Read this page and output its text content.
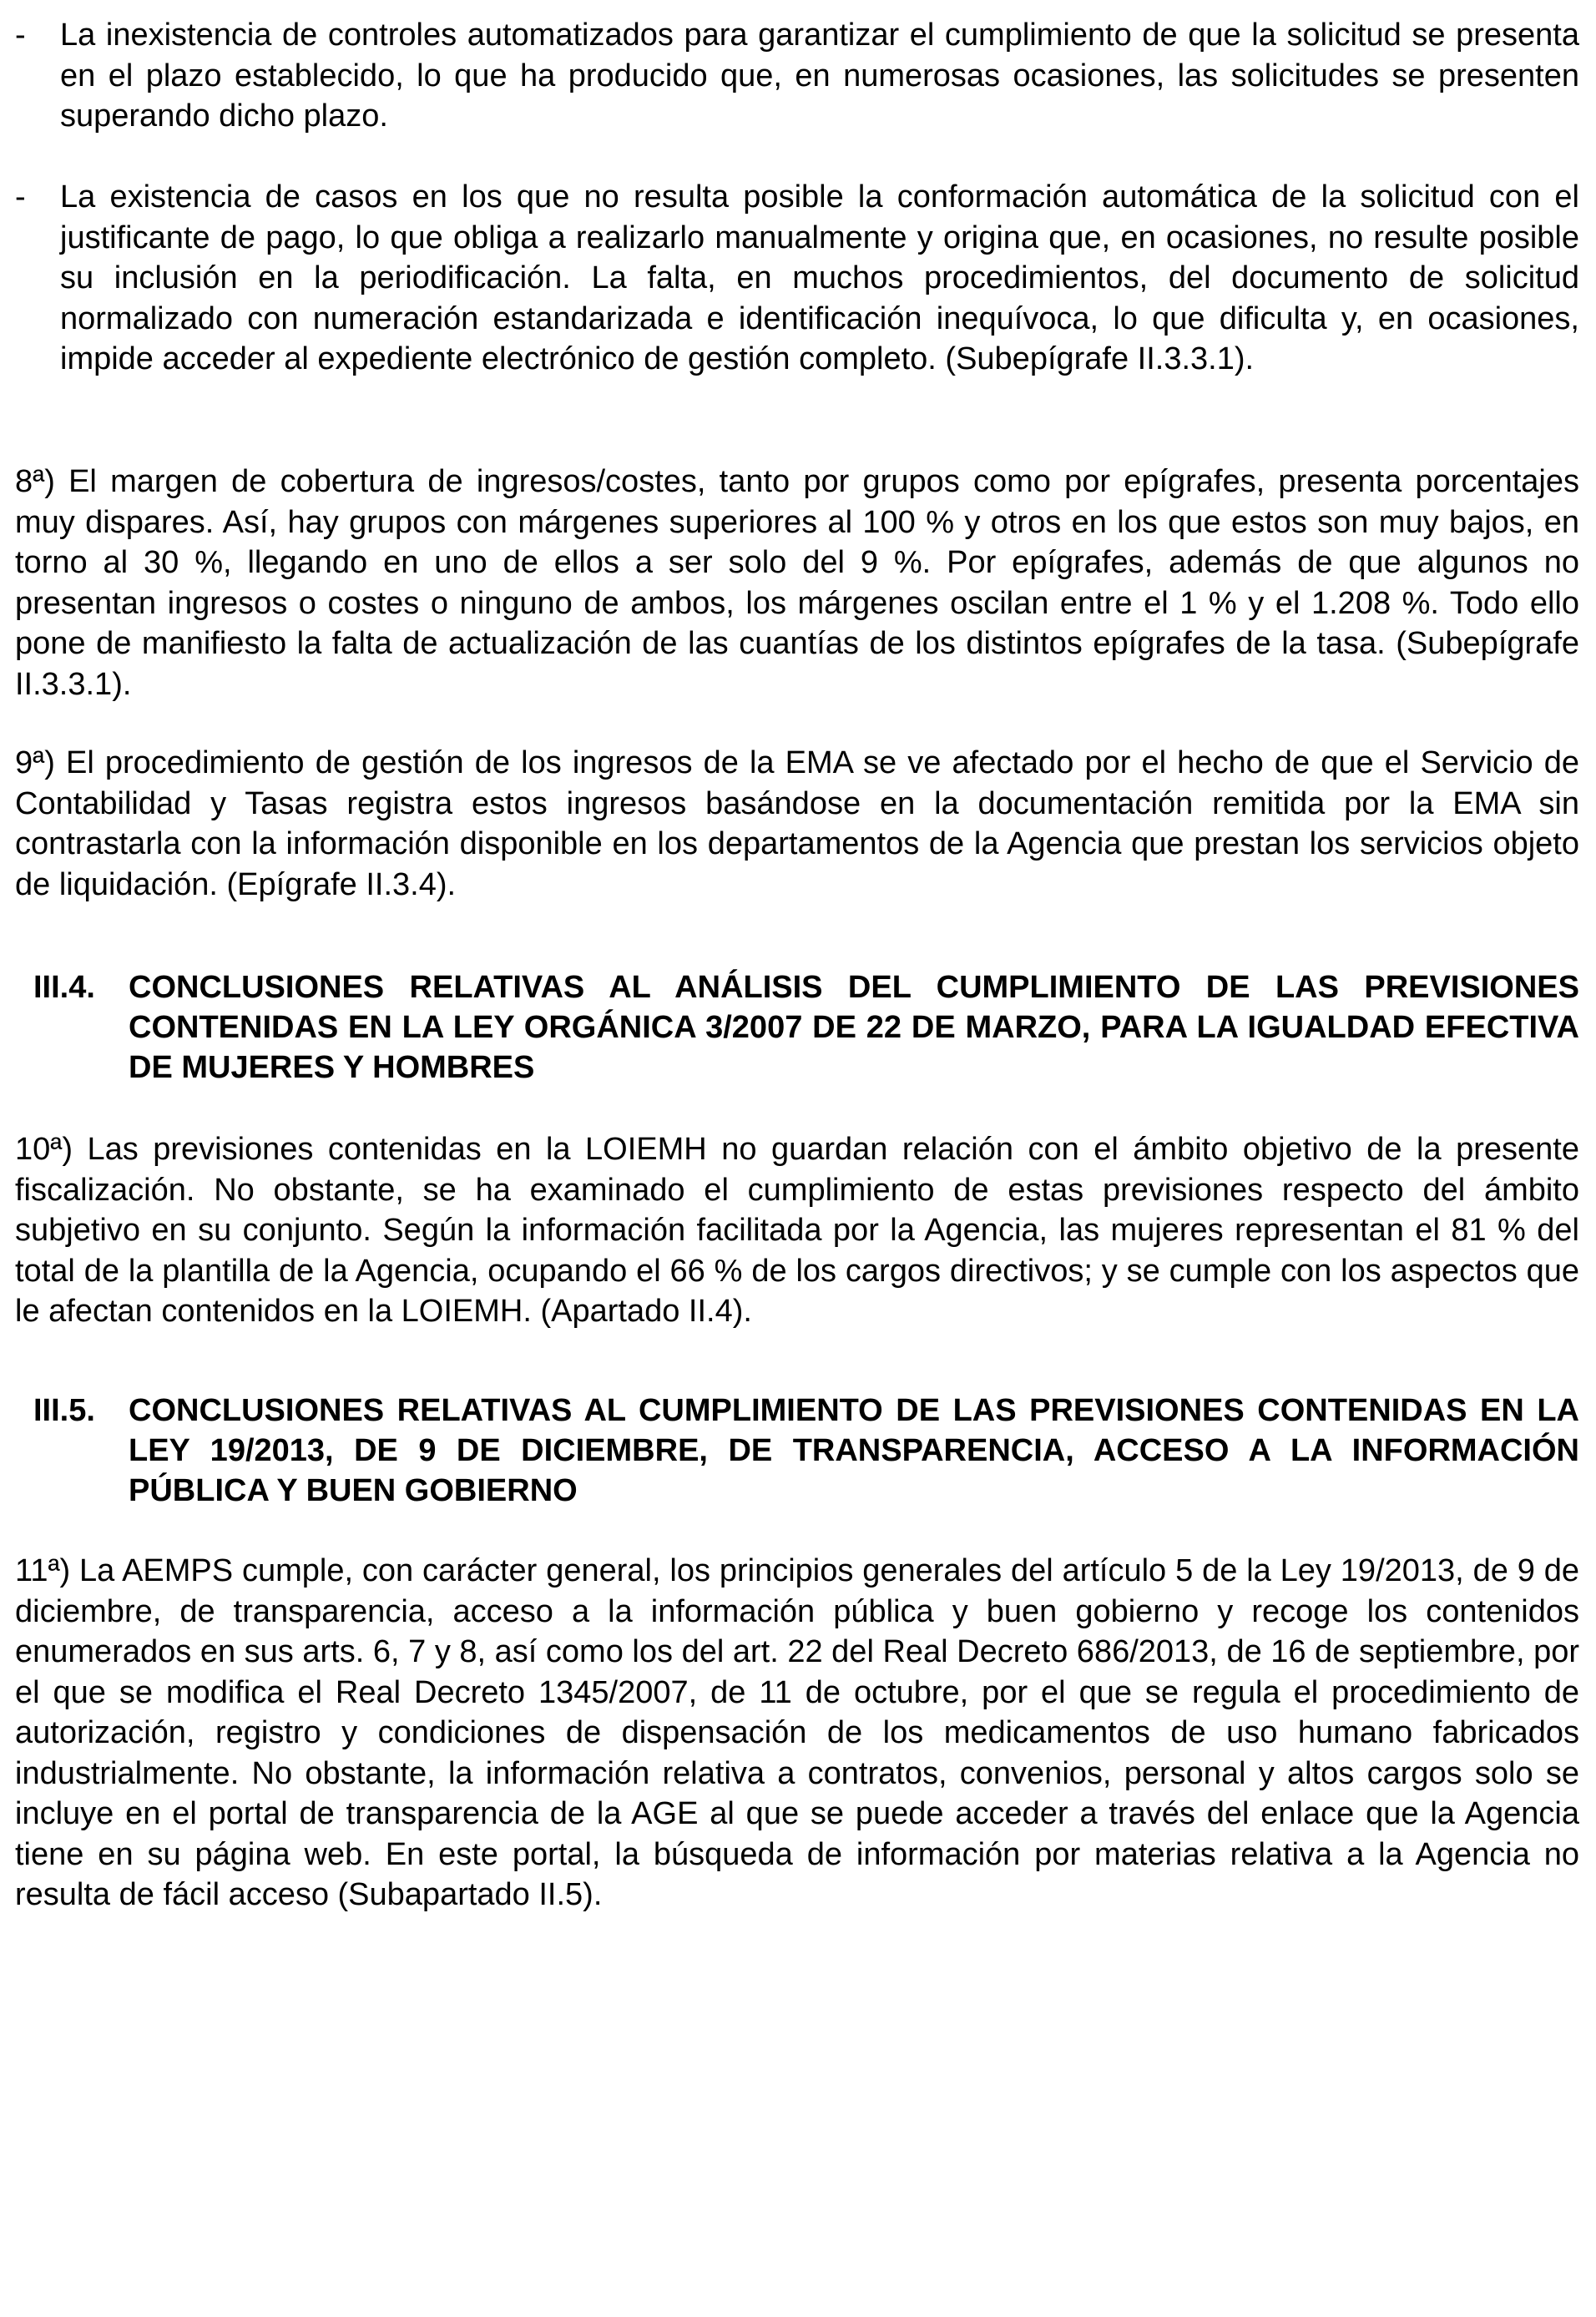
- La inexistencia de controles automatizados para garantizar el cumplimiento de que la solicitud se presenta en el plazo establecido, lo que ha producido que, en numerosas ocasiones, las solicitudes se presenten superando dicho plazo.
- La existencia de casos en los que no resulta posible la conformación automática de la solicitud con el justificante de pago, lo que obliga a realizarlo manualmente y origina que, en ocasiones, no resulte posible su inclusión en la periodificación. La falta, en muchos procedimientos, del documento de solicitud normalizado con numeración estandarizada e identificación inequívoca, lo que dificulta y, en ocasiones, impide acceder al expediente electrónico de gestión completo. (Subepígrafe II.3.3.1).
8ª) El margen de cobertura de ingresos/costes, tanto por grupos como por epígrafes, presenta porcentajes muy dispares. Así, hay grupos con márgenes superiores al 100 % y otros en los que estos son muy bajos, en torno al 30 %, llegando en uno de ellos a ser solo del 9 %. Por epígrafes, además de que algunos no presentan ingresos o costes o ninguno de ambos, los márgenes oscilan entre el 1 % y el 1.208 %. Todo ello pone de manifiesto la falta de actualización de las cuantías de los distintos epígrafes de la tasa. (Subepígrafe II.3.3.1).
9ª) El procedimiento de gestión de los ingresos de la EMA se ve afectado por el hecho de que el Servicio de Contabilidad y Tasas registra estos ingresos basándose en la documentación remitida por la EMA sin contrastarla con la información disponible en los departamentos de la Agencia que prestan los servicios objeto de liquidación. (Epígrafe II.3.4).
III.4. CONCLUSIONES RELATIVAS AL ANÁLISIS DEL CUMPLIMIENTO DE LAS PREVISIONES CONTENIDAS EN LA LEY ORGÁNICA 3/2007 DE 22 DE MARZO, PARA LA IGUALDAD EFECTIVA DE MUJERES Y HOMBRES
10ª) Las previsiones contenidas en la LOIEMH no guardan relación con el ámbito objetivo de la presente fiscalización. No obstante, se ha examinado el cumplimiento de estas previsiones respecto del ámbito subjetivo en su conjunto. Según la información facilitada por la Agencia, las mujeres representan el 81 % del total de la plantilla de la Agencia, ocupando el 66 % de los cargos directivos; y se cumple con los aspectos que le afectan contenidos en la LOIEMH. (Apartado II.4).
III.5. CONCLUSIONES RELATIVAS AL CUMPLIMIENTO DE LAS PREVISIONES CONTENIDAS EN LA LEY 19/2013, DE 9 DE DICIEMBRE, DE TRANSPARENCIA, ACCESO A LA INFORMACIÓN PÚBLICA Y BUEN GOBIERNO
11ª) La AEMPS cumple, con carácter general, los principios generales del artículo 5 de la Ley 19/2013, de 9 de diciembre, de transparencia, acceso a la información pública y buen gobierno y recoge los contenidos enumerados en sus arts. 6, 7 y 8, así como los del art. 22 del Real Decreto 686/2013, de 16 de septiembre, por el que se modifica el Real Decreto 1345/2007, de 11 de octubre, por el que se regula el procedimiento de autorización, registro y condiciones de dispensación de los medicamentos de uso humano fabricados industrialmente. No obstante, la información relativa a contratos, convenios, personal y altos cargos solo se incluye en el portal de transparencia de la AGE al que se puede acceder a través del enlace que la Agencia tiene en su página web. En este portal, la búsqueda de información por materias relativa a la Agencia no resulta de fácil acceso (Subapartado II.5).
